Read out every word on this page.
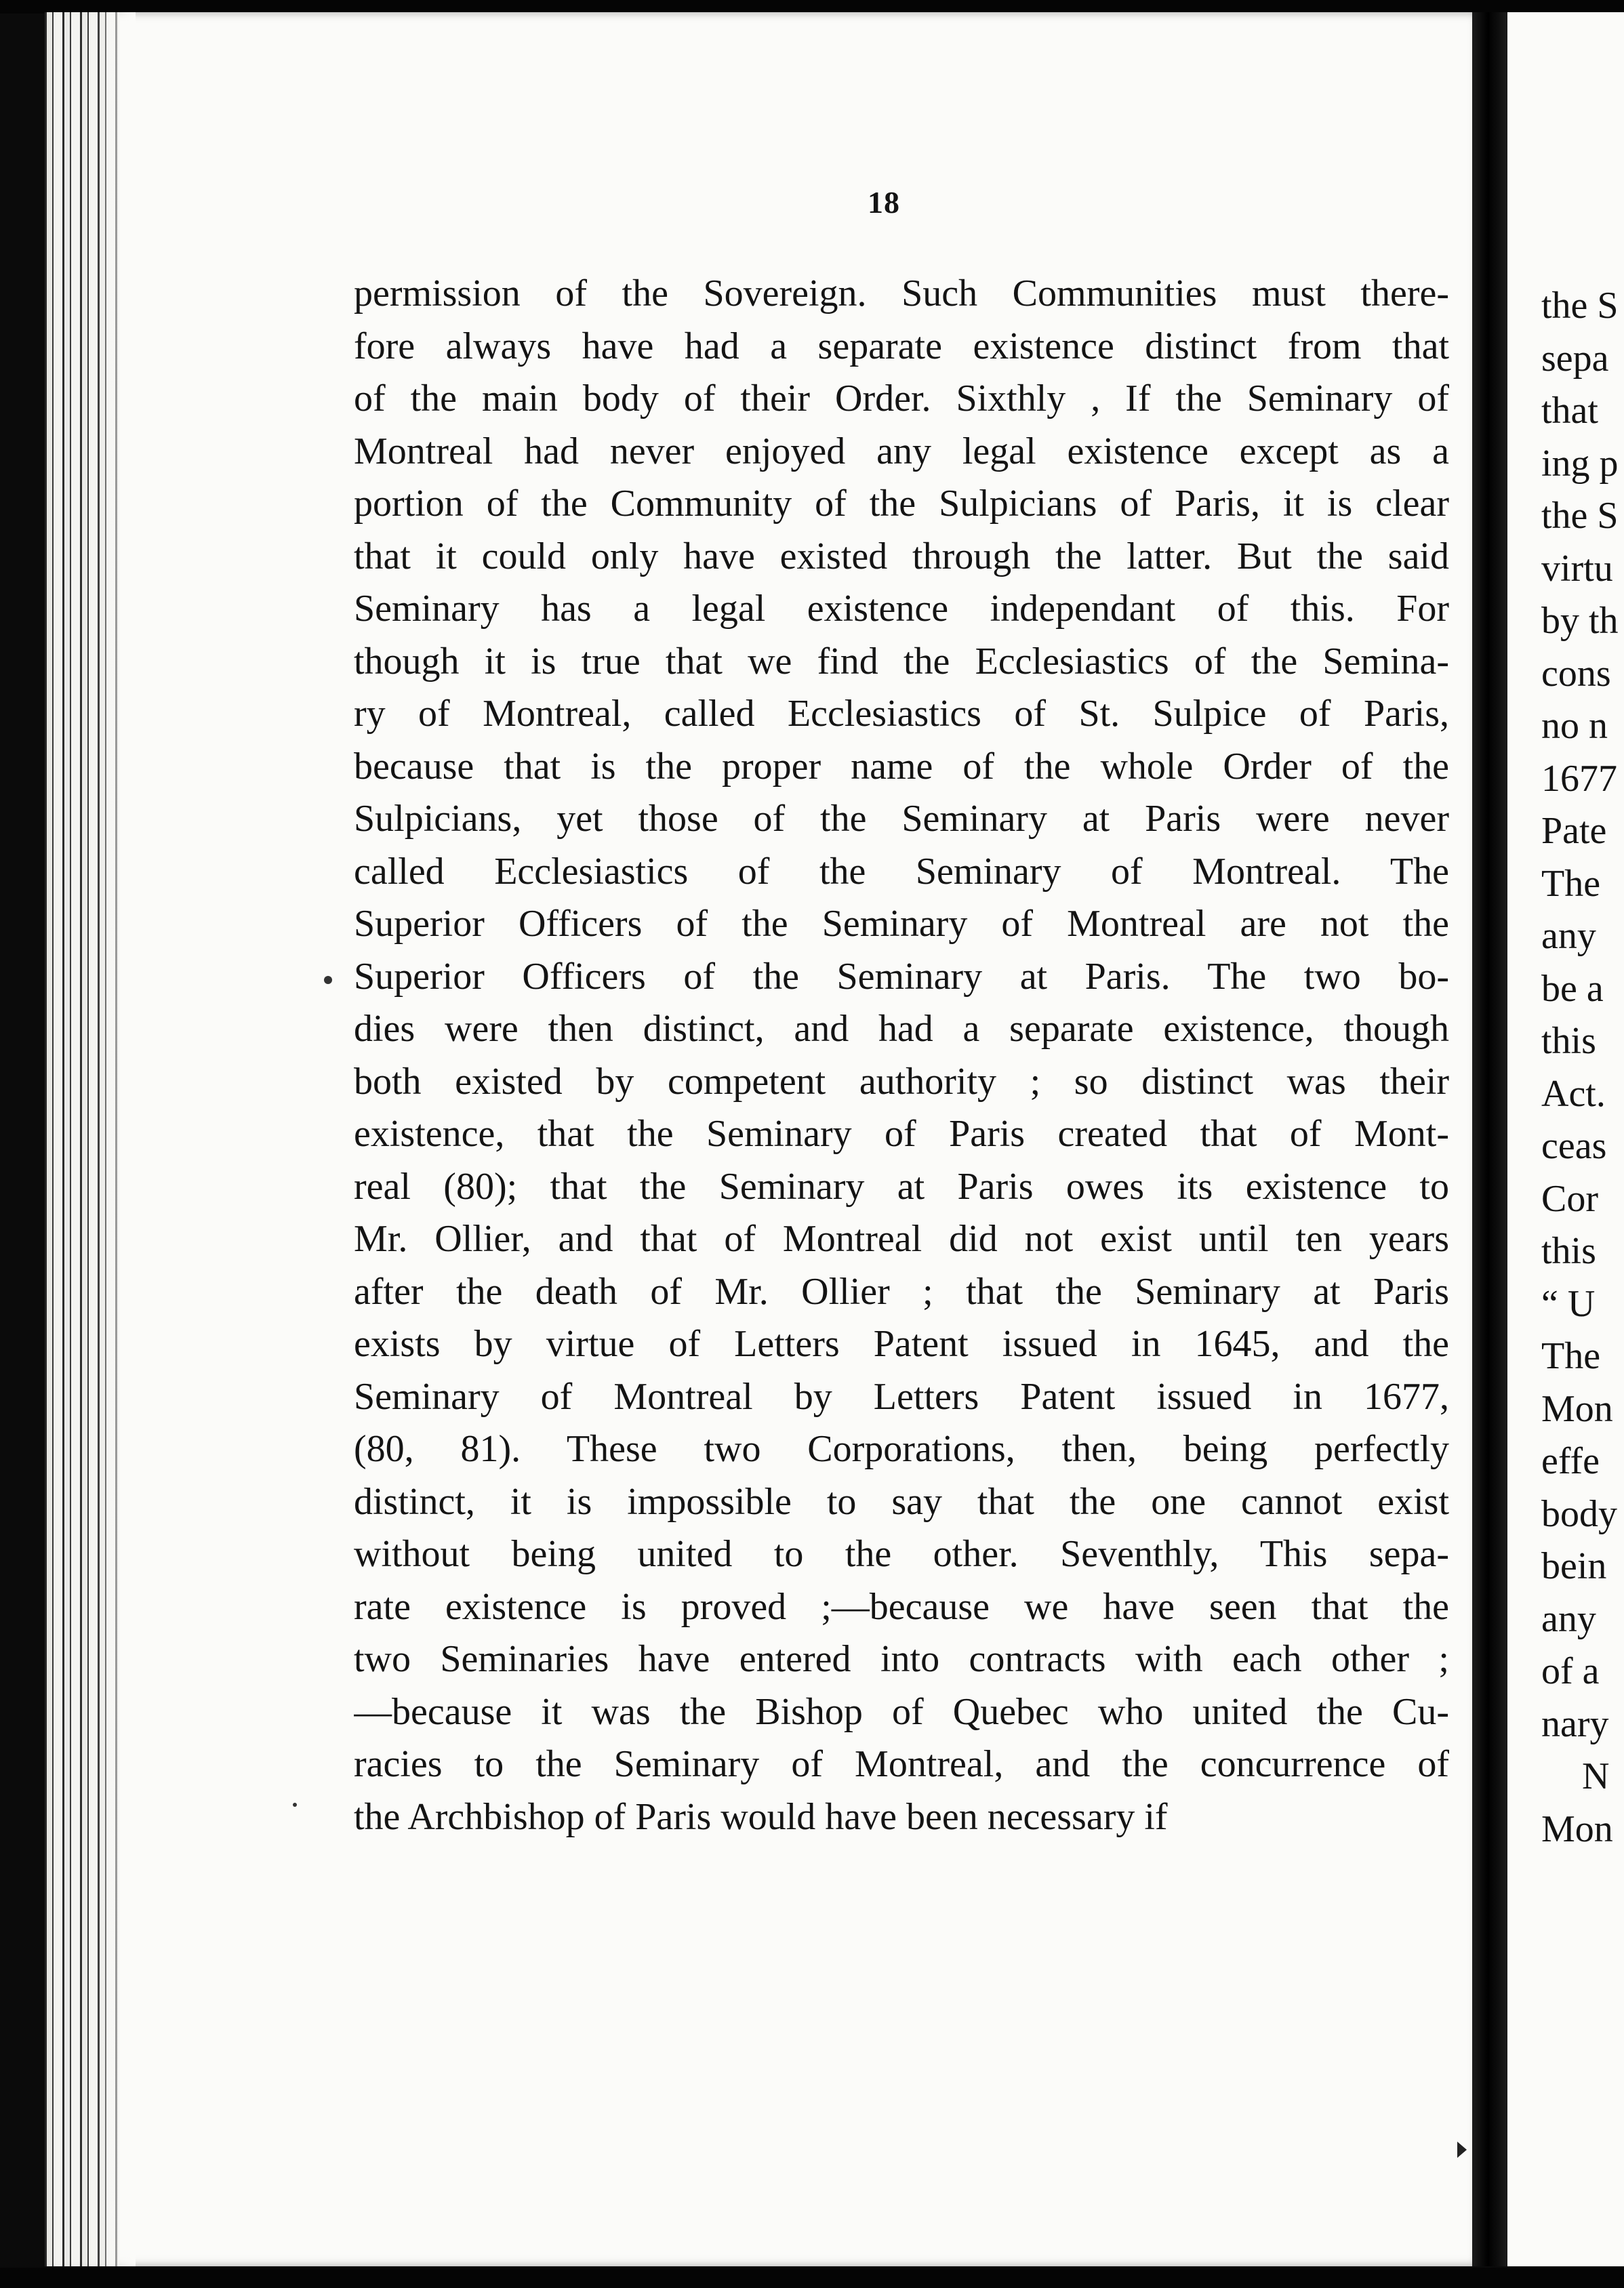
18
permission of the Sovereign. Such Communities must there-
fore always have had a separate existence distinct from that
of the main body of their Order. Sixthly , If the Seminary of
Montreal had never enjoyed any legal existence except as a
portion of the Community of the Sulpicians of Paris, it is clear
that it could only have existed through the latter. But the said
Seminary has a legal existence independant of this. For
though it is true that we find the Ecclesiastics of the Semina-
ry of Montreal, called Ecclesiastics of St. Sulpice of Paris,
because that is the proper name of the whole Order of the
Sulpicians, yet those of the Seminary at Paris were never
called Ecclesiastics of the Seminary of Montreal. The
Superior Officers of the Seminary of Montreal are not the
Superior Officers of the Seminary at Paris. The two bo-
dies were then distinct, and had a separate existence, though
both existed by competent authority ; so distinct was their
existence, that the Seminary of Paris created that of Mont-
real (80); that the Seminary at Paris owes its existence to
Mr. Ollier, and that of Montreal did not exist until ten years
after the death of Mr. Ollier ; that the Seminary at Paris
exists by virtue of Letters Patent issued in 1645, and the
Seminary of Montreal by Letters Patent issued in 1677,
(80, 81). These two Corporations, then, being perfectly
distinct, it is impossible to say that the one cannot exist
without being united to the other. Seventhly, This sepa-
rate existence is proved ;—because we have seen that the
two Seminaries have entered into contracts with each other ;
—because it was the Bishop of Quebec who united the Cu-
racies to the Seminary of Montreal, and the concurrence of
the Archbishop of Paris would have been necessary if
the S
sepa
that
ing p
the S
virtu
by th
cons
no n
1677
Pate
The
any
be a
this
Act.
ceas
Cor
this
“ U
The
Mon
effe
body
bein
any
of a
nary
N
Mon
